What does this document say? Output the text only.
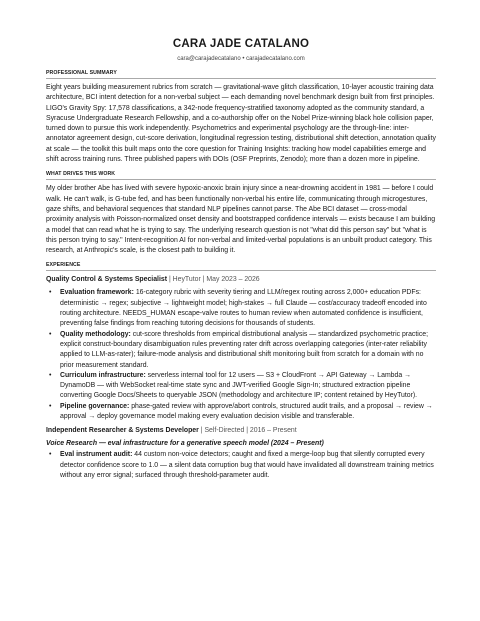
CARA JADE CATALANO
cara@carajadecatalano • carajadecatalano.com
PROFESSIONAL SUMMARY
Eight years building measurement rubrics from scratch — gravitational-wave glitch classification, 10-layer acoustic training data architecture, BCI intent detection for a non-verbal subject — each demanding novel benchmark design built from first principles. LIGO's Gravity Spy: 17,578 classifications, a 342-node frequency-stratified taxonomy adopted as the community standard, a Syracuse Undergraduate Research Fellowship, and a co-authorship offer on the Nobel Prize-winning black hole collision paper, turned down to pursue this work independently. Psychometrics and experimental psychology are the through-line: inter-annotator agreement design, cut-score derivation, longitudinal regression testing, distributional shift detection, annotation quality at scale — the toolkit this built maps onto the core question for Training Insights: tracking how model capabilities emerge and shift across training runs. Three published papers with DOIs (OSF Preprints, Zenodo); more than a dozen more in pipeline.
WHAT DRIVES THIS WORK
My older brother Abe has lived with severe hypoxic-anoxic brain injury since a near-drowning accident in 1981 — before I could walk. He can't walk, is G-tube fed, and has been functionally non-verbal his entire life, communicating through microgestures, gaze shifts, and behavioral sequences that standard NLP pipelines cannot parse. The Abe BCI dataset — cross-modal proximity analysis with Poisson-normalized onset density and bootstrapped confidence intervals — exists because I am building a model that can read what he is trying to say. The underlying research question is not "what did this person say" but "what is this person trying to say." Intent-recognition AI for non-verbal and limited-verbal populations is an unbuilt product category. This research, at Anthropic's scale, is the closest path to building it.
EXPERIENCE
Quality Control & Systems Specialist | HeyTutor | May 2023 – 2026
• Evaluation framework: 16-category rubric with severity tiering and LLM/regex routing across 2,000+ education PDFs: deterministic → regex; subjective → lightweight model; high-stakes → full Claude — cost/accuracy tradeoff encoded into routing architecture. NEEDS_HUMAN escape-valve routes to human review when automated confidence is insufficient, preventing false findings from reaching tutoring decisions for thousands of students.
• Quality methodology: cut-score thresholds from empirical distributional analysis — standardized psychometric practice; explicit construct-boundary disambiguation rules preventing rater drift across overlapping categories (inter-rater reliability applied to LLM-as-rater); failure-mode analysis and distributional shift monitoring built from scratch for a domain with no prior measurement standard.
• Curriculum infrastructure: serverless internal tool for 12 users — S3 + CloudFront → API Gateway → Lambda → DynamoDB — with WebSocket real-time state sync and JWT-verified Google Sign-In; structured extraction pipeline converting Google Docs/Sheets to queryable JSON (methodology and architecture IP; content retained by HeyTutor).
• Pipeline governance: phase-gated review with approve/abort controls, structured audit trails, and a proposal → review → approval → deploy governance model making every evaluation decision visible and transferable.
Independent Researcher & Systems Developer | Self-Directed | 2016 – Present
Voice Research — eval infrastructure for a generative speech model (2024 – Present)
• Eval instrument audit: 44 custom non-voice detectors; caught and fixed a merge-loop bug that silently corrupted every detector confidence score to 1.0 — a silent data corruption bug that would have invalidated all downstream training metrics without any error signal; surfaced through threshold-parameter audit.
